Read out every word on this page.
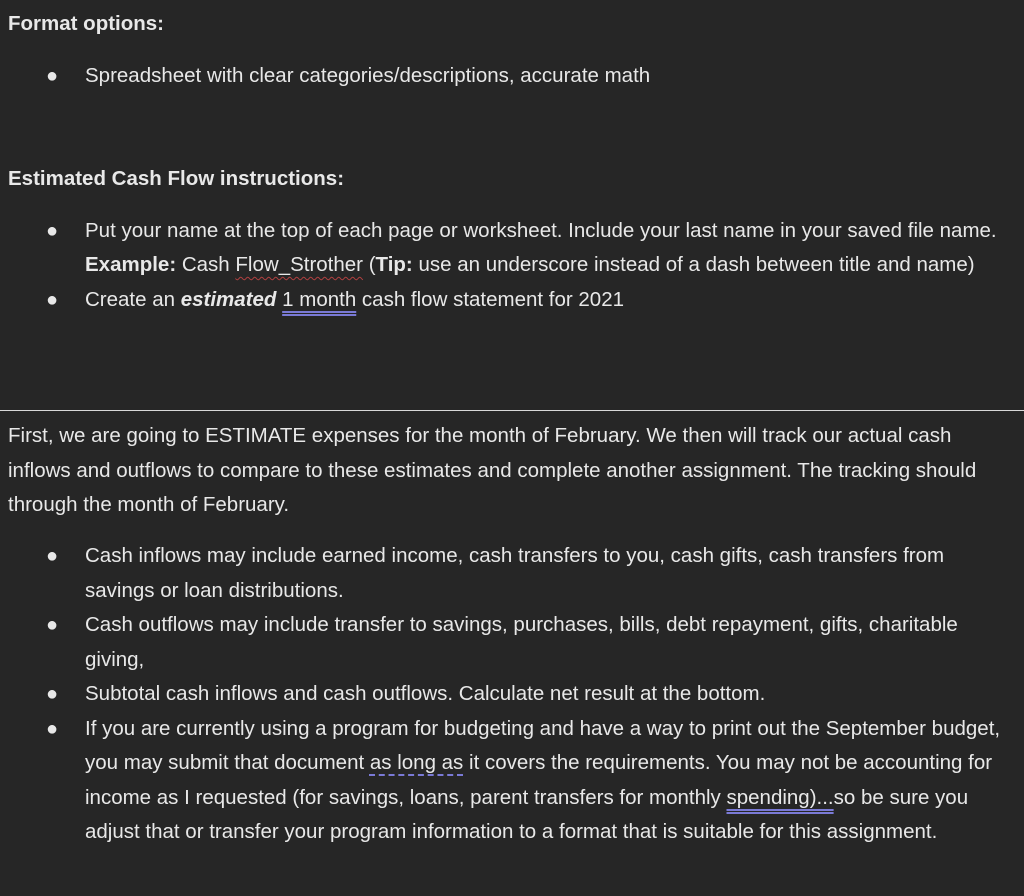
Format options:
●	Spreadsheet with clear categories/descriptions, accurate math
Estimated Cash Flow instructions:
●	Put your name at the top of each page or worksheet. Include your last name in your saved file name. Example: Cash Flow_Strother (Tip: use an underscore instead of a dash between title and name)
●	Create an estimated 1 month cash flow statement for 2021
First, we are going to ESTIMATE expenses for the month of February. We then will track our actual cash inflows and outflows to compare to these estimates and complete another assignment. The tracking should through the month of February.
●	Cash inflows may include earned income, cash transfers to you, cash gifts, cash transfers from savings or loan distributions.
●	Cash outflows may include transfer to savings, purchases, bills, debt repayment, gifts, charitable giving,
●	Subtotal cash inflows and cash outflows. Calculate net result at the bottom.
●	If you are currently using a program for budgeting and have a way to print out the September budget, you may submit that document as long as it covers the requirements. You may not be accounting for income as I requested (for savings, loans, parent transfers for monthly spending)...so be sure you adjust that or transfer your program information to a format that is suitable for this assignment.
